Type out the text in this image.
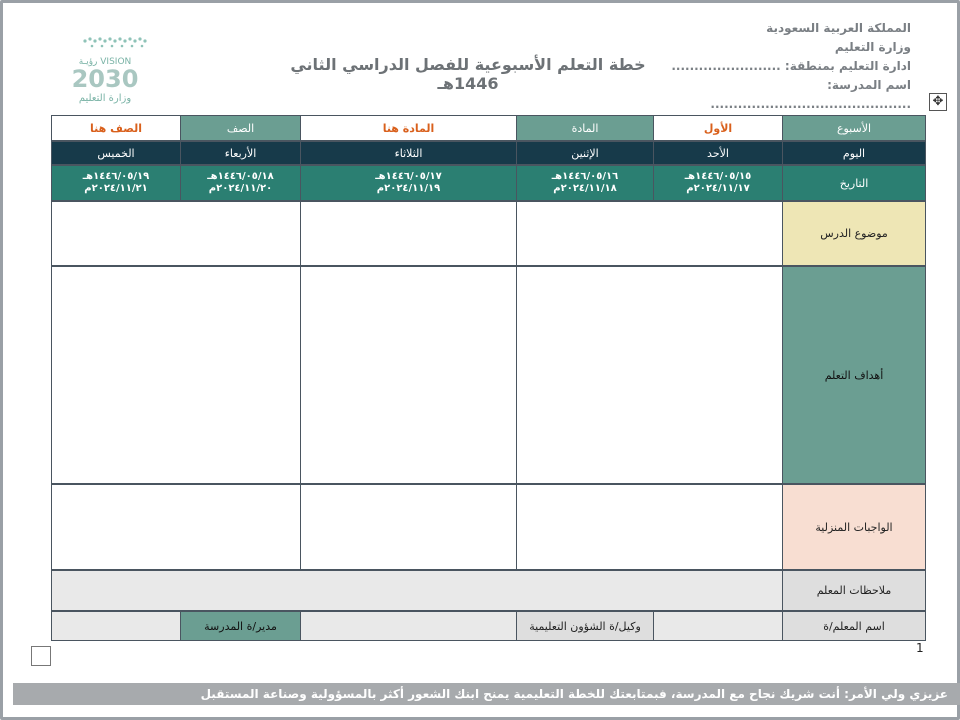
المملكة العربية السعودية
وزارة التعليم
ادارة التعليم بمنطقة: ........................
اسم المدرسة: ............................................
خطة التعلم الأسبوعية للفصل الدراسي الثاني 1446هـ
رؤيـة VISION
2030
وزارة التعليم	✥
الأسبوع
الأول
المادة
المادة هنا
الصف
الصف هنا
اليوم
الأحد
الإثنين
الثلاثاء
الأربعاء
الخميس
التاريخ
١٤٤٦/٠٥/١٥هـ
٢٠٢٤/١١/١٧م
١٤٤٦/٠٥/١٦هـ
٢٠٢٤/١١/١٨م
١٤٤٦/٠٥/١٧هـ
٢٠٢٤/١١/١٩م
١٤٤٦/٠٥/١٨هـ
٢٠٢٤/١١/٢٠م
١٤٤٦/٠٥/١٩هـ
٢٠٢٤/١١/٢١م
موضوع الدرس
أهداف التعلم
الواجبات المنزلية
ملاحظات المعلم
اسم المعلم/ة
وكيل/ة الشؤون التعليمية
مدير/ة المدرسة
1
عزيزي ولي الأمر: أنت شريك نجاح مع المدرسة، فبمتابعتك للخطة التعليمية يمنح ابنك الشعور أكثر بالمسؤولية وصناعة المستقبل
